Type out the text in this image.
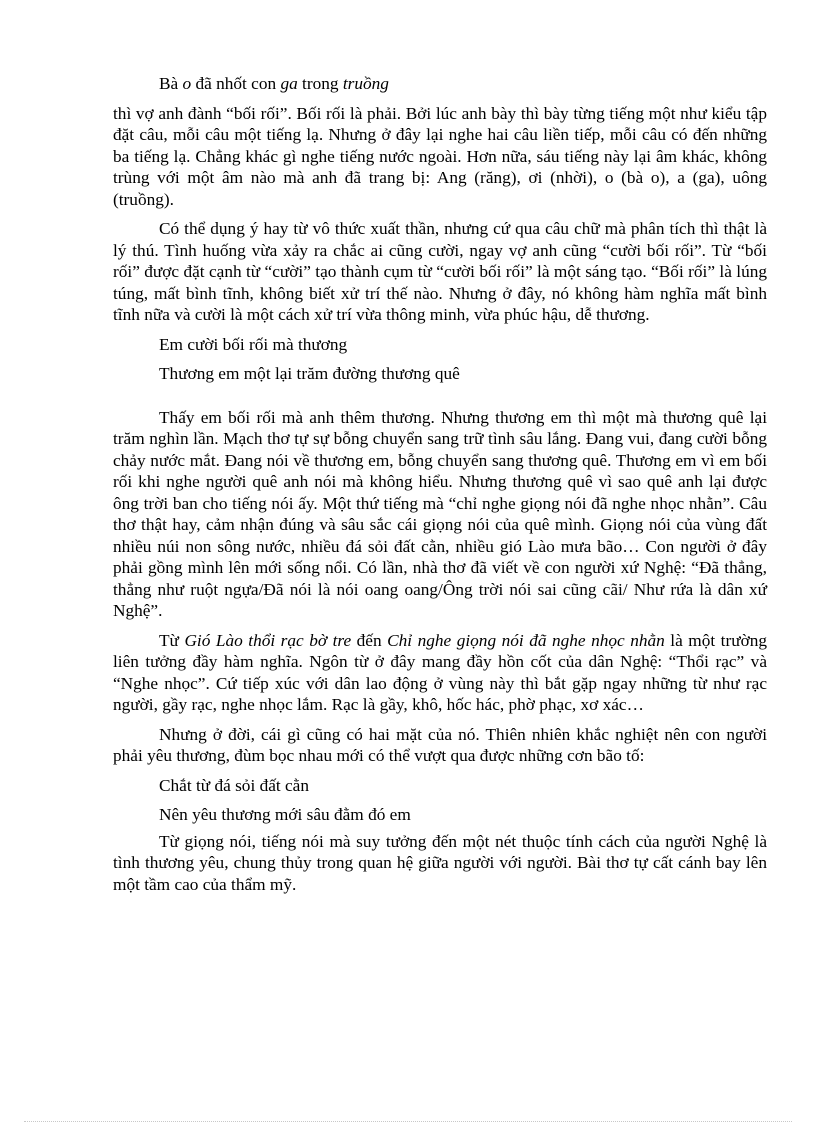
Bà o đã nhốt con ga trong truồng

thì vợ anh đành “bối rối”. Bối rối là phải. Bởi lúc anh bày thì bày từng tiếng một như kiểu tập đặt câu, mỗi câu một tiếng lạ. Nhưng ở đây lại nghe hai câu liền tiếp, mỗi câu có đến những ba tiếng lạ. Chẳng khác gì nghe tiếng nước ngoài. Hơn nữa, sáu tiếng này lại âm khác, không trùng với một âm nào mà anh đã trang bị: Ang (răng), ơi (nhời), o (bà o), a (ga), uông (truồng).

Có thể dụng ý hay từ vô thức xuất thần, nhưng cứ qua câu chữ mà phân tích thì thật là lý thú. Tình huống vừa xảy ra chắc ai cũng cười, ngay vợ anh cũng “cười bối rối”. Từ “bối rối” được đặt cạnh từ “cười” tạo thành cụm từ “cười bối rối” là một sáng tạo. “Bối rối” là lúng túng, mất bình tĩnh, không biết xử trí thế nào. Nhưng ở đây, nó không hàm nghĩa mất bình tĩnh nữa và cười là một cách xử trí vừa thông minh, vừa phúc hậu, dễ thương.

Em cười bối rối mà thương

Thương em một lại trăm đường thương quê

Thấy em bối rối mà anh thêm thương. Nhưng thương em thì một mà thương quê lại trăm nghìn lần. Mạch thơ tự sự bỗng chuyển sang trữ tình sâu lắng. Đang vui, đang cười bỗng chảy nước mắt. Đang nói về thương em, bỗng chuyển sang thương quê. Thương em vì em bối rối khi nghe người quê anh nói mà không hiểu. Nhưng thương quê vì sao quê anh lại được ông trời ban cho tiếng nói ấy. Một thứ tiếng mà “chỉ nghe giọng nói đã nghe nhọc nhằn”. Câu thơ thật hay, cảm nhận đúng và sâu sắc cái giọng nói của quê mình. Giọng nói của vùng đất nhiều núi non sông nước, nhiều đá sỏi đất cằn, nhiều gió Lào mưa bão… Con người ở đây phải gồng mình lên mới sống nổi. Có lần, nhà thơ đã viết về con người xứ Nghệ: “Đã thẳng, thẳng như ruột ngựa/Đã nói là nói oang oang/Ông trời nói sai cũng cãi/ Như rứa là dân xứ Nghệ”.

Từ Gió Lào thổi rạc bờ tre đến Chỉ nghe giọng nói đã nghe nhọc nhằn là một trường liên tưởng đầy hàm nghĩa. Ngôn từ ở đây mang đầy hồn cốt của dân Nghệ: “Thổi rạc” và “Nghe nhọc”. Cứ tiếp xúc với dân lao động ở vùng này thì bắt gặp ngay những từ như rạc người, gầy rạc, nghe nhọc lắm. Rạc là gầy, khô, hốc hác, phờ phạc, xơ xác…

Nhưng ở đời, cái gì cũng có hai mặt của nó. Thiên nhiên khắc nghiệt nên con người phải yêu thương, đùm bọc nhau mới có thể vượt qua được những cơn bão tố:

Chắt từ đá sỏi đất cằn

Nên yêu thương mới sâu đằm đó em

Từ giọng nói, tiếng nói mà suy tưởng đến một nét thuộc tính cách của người Nghệ là tình thương yêu, chung thủy trong quan hệ giữa người với người. Bài thơ tự cất cánh bay lên một tầm cao của thẩm mỹ.
